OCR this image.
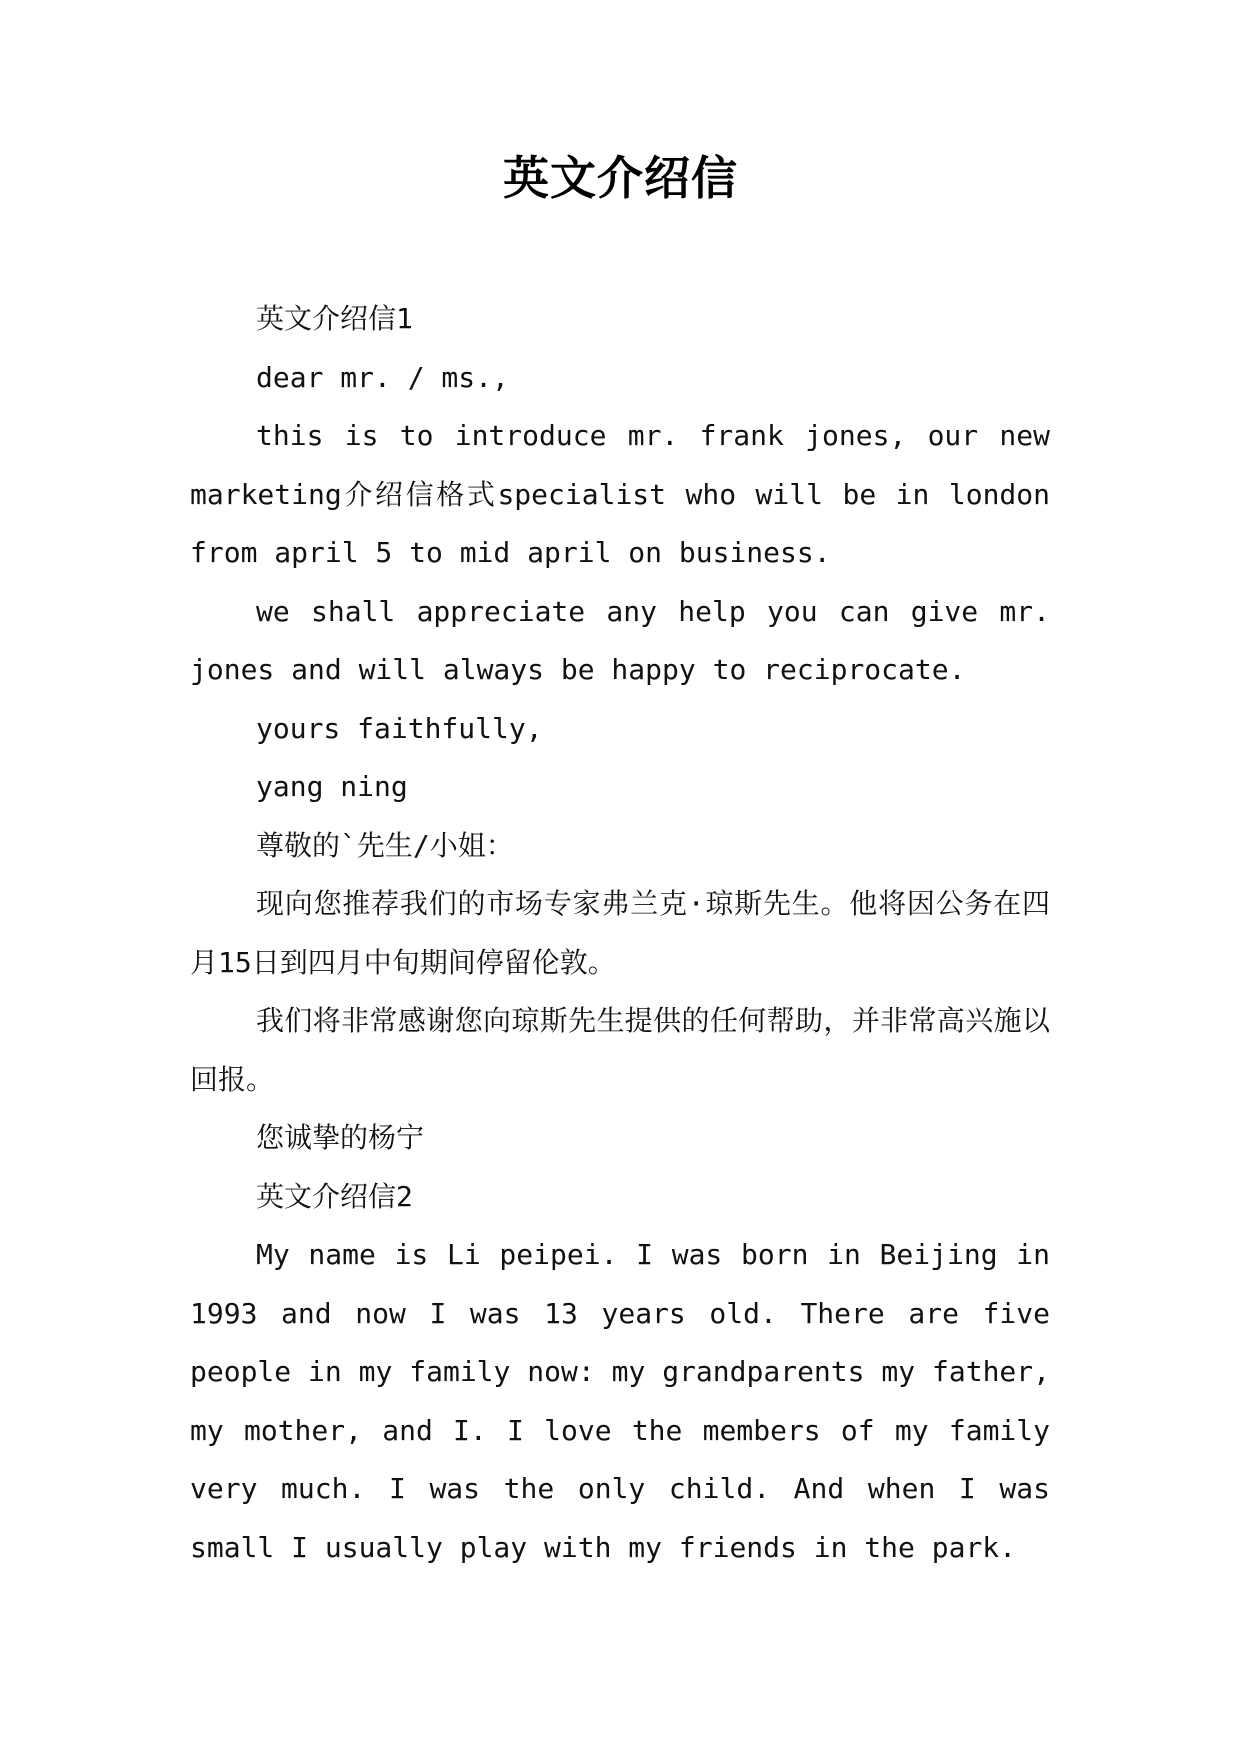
英文介绍信

英文介绍信1

dear mr. / ms.,

this is to introduce mr. frank jones, our new marketing介绍信格式specialist who will be in london from april 5 to mid april on business.

we shall appreciate any help you can give mr. jones and will always be happy to reciprocate.

yours faithfully,

yang ning

尊敬的`先生/小姐：

现向您推荐我们的市场专家弗兰克·琼斯先生。他将因公务在四月15日到四月中旬期间停留伦敦。

我们将非常感谢您向琼斯先生提供的任何帮助，并非常高兴施以回报。

您诚挚的杨宁

英文介绍信2

My name is Li peipei. I was born in Beijing in 1993 and now I was 13 years old. There are five people in my family now: my grandparents my father, my mother, and I. I love the members of my family very much. I was the only child. And when I was small I usually play with my friends in the park.
